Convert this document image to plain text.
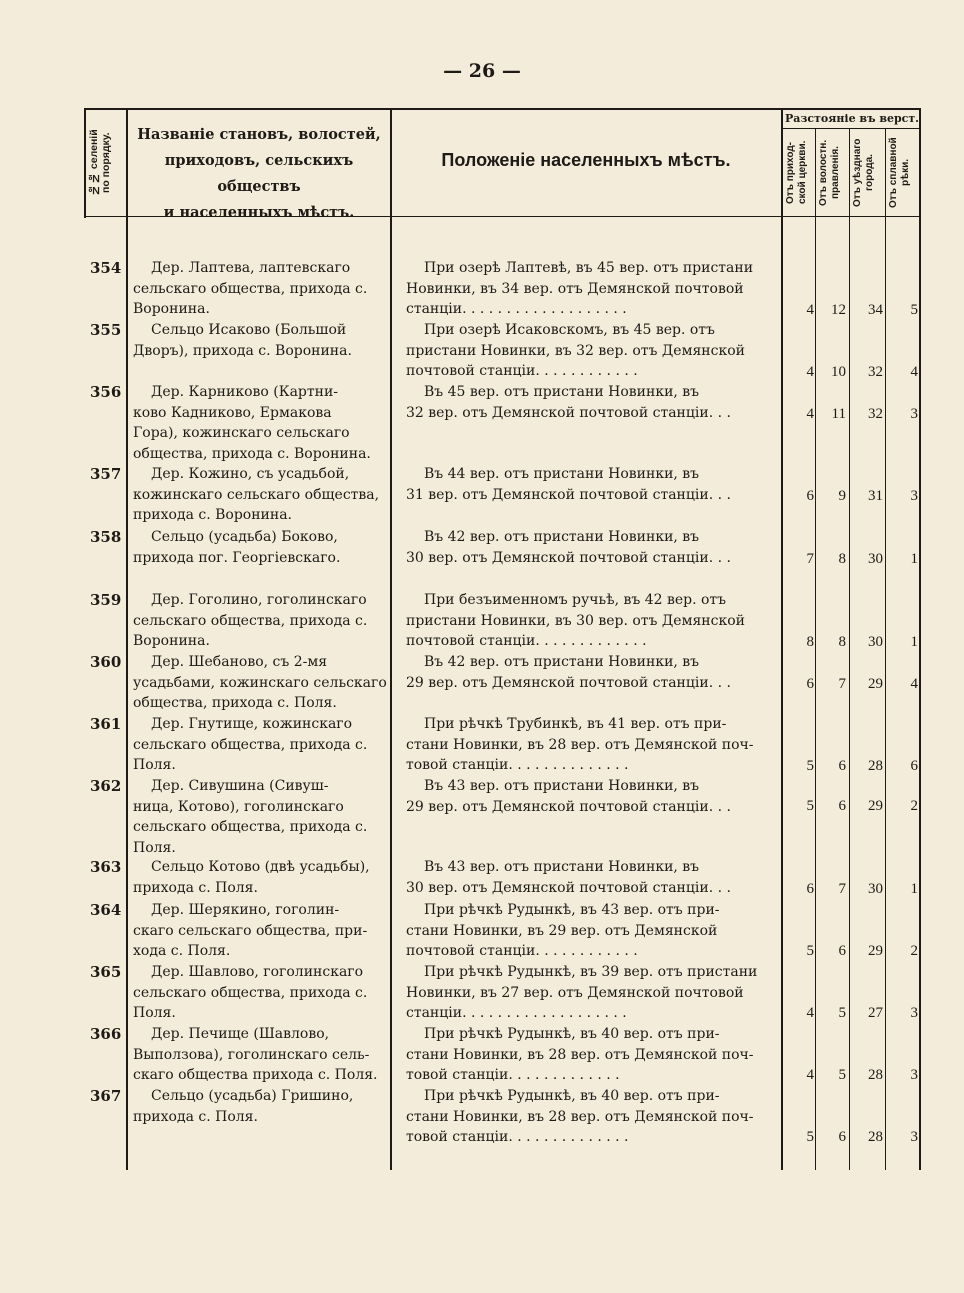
— 26 —
№№ селеній
по порядку.	Названіе становъ, волостей,
приходовъ, сельскихъ обществъ
и населенныхъ мѣстъ.
Положеніе населенныхъ мѣстъ.
Разстояніе въ верст.
Отъ приход-
ской церкви.	Отъ волостн.
правленія.	Отъ уѣзднаго
города.	Отъ сплавной
рѣки.
354	Дер. Лаптева, лаптевскаго
сельскаго общества, прихода с.
Воронина.
При озерѣ Лаптевѣ, въ 45 вер. отъ пристани
Новинки, въ 34 вер. отъ Демянской почтовой
станціи. . . . . . . . . . . . . . . . . . .	4	12	34	5
355	Сельцо Исаково (Большой
Дворъ), прихода с. Воронина.
При озерѣ Исаковскомъ, въ 45 вер. отъ
пристани Новинки, въ 32 вер. отъ Демянской
почтовой станціи. . . . . . . . . . . .	4	10	32	4
356	Дер. Карниково (Картни-
ково Кадниково, Ермакова
Гора), кожинскаго сельскаго
общества, прихода с. Воронина.
Въ 45 вер. отъ пристани Новинки, въ
32 вер. отъ Демянской почтовой станціи. . .	4	11	32	3
357	Дер. Кожино, съ усадьбой,
кожинскаго сельскаго общества,
прихода с. Воронина.
Въ 44 вер. отъ пристани Новинки, въ
31 вер. отъ Демянской почтовой станціи. . .	6	9	31	3
358	Сельцо (усадьба) Боково,
прихода пог. Георгіевскаго.
Въ 42 вер. отъ пристани Новинки, въ
30 вер. отъ Демянской почтовой станціи. . .	7	8	30	1
359	Дер. Гоголино, гоголинскаго
сельскаго общества, прихода с.
Воронина.
При безъименномъ ручьѣ, въ 42 вер. отъ
пристани Новинки, въ 30 вер. отъ Демянской
почтовой станціи. . . . . . . . . . . . .	8	8	30	1
360	Дер. Шебаново, съ 2-мя
усадьбами, кожинскаго сельскаго
общества, прихода с. Поля.
Въ 42 вер. отъ пристани Новинки, въ
29 вер. отъ Демянской почтовой станціи. . .	6	7	29	4
361	Дер. Гнутище, кожинскаго
сельскаго общества, прихода с.
Поля.
При рѣчкѣ Трубинкѣ, въ 41 вер. отъ при-
стани Новинки, въ 28 вер. отъ Демянской поч-
товой станціи. . . . . . . . . . . . . .	5	6	28	6
362	Дер. Сивушина (Сивуш-
ница, Котово), гоголинскаго
сельскаго общества, прихода с.
Поля.
Въ 43 вер. отъ пристани Новинки, въ
29 вер. отъ Демянской почтовой станціи. . .	5	6	29	2
363	Сельцо Котово (двѣ усадьбы),
прихода с. Поля.
Въ 43 вер. отъ пристани Новинки, въ
30 вер. отъ Демянской почтовой станціи. . .	6	7	30	1
364	Дер. Шерякино, гоголин-
скаго сельскаго общества, при-
хода с. Поля.
При рѣчкѣ Рудынкѣ, въ 43 вер. отъ при-
стани Новинки, въ 29 вер. отъ Демянской
почтовой станціи. . . . . . . . . . . .	5	6	29	2
365	Дер. Шавлово, гоголинскаго
сельскаго общества, прихода с.
Поля.
При рѣчкѣ Рудынкѣ, въ 39 вер. отъ пристани
Новинки, въ 27 вер. отъ Демянской почтовой
станціи. . . . . . . . . . . . . . . . . . .	4	5	27	3
366	Дер. Печище (Шавлово,
Выползова), гоголинскаго сель-
скаго общества прихода с. Поля.
При рѣчкѣ Рудынкѣ, въ 40 вер. отъ при-
стани Новинки, въ 28 вер. отъ Демянской поч-
товой станціи. . . . . . . . . . . . .	4	5	28	3
367	Сельцо (усадьба) Гришино,
прихода с. Поля.
При рѣчкѣ Рудынкѣ, въ 40 вер. отъ при-
стани Новинки, въ 28 вер. отъ Демянской поч-
товой станціи. . . . . . . . . . . . . .	5	6	28	3
